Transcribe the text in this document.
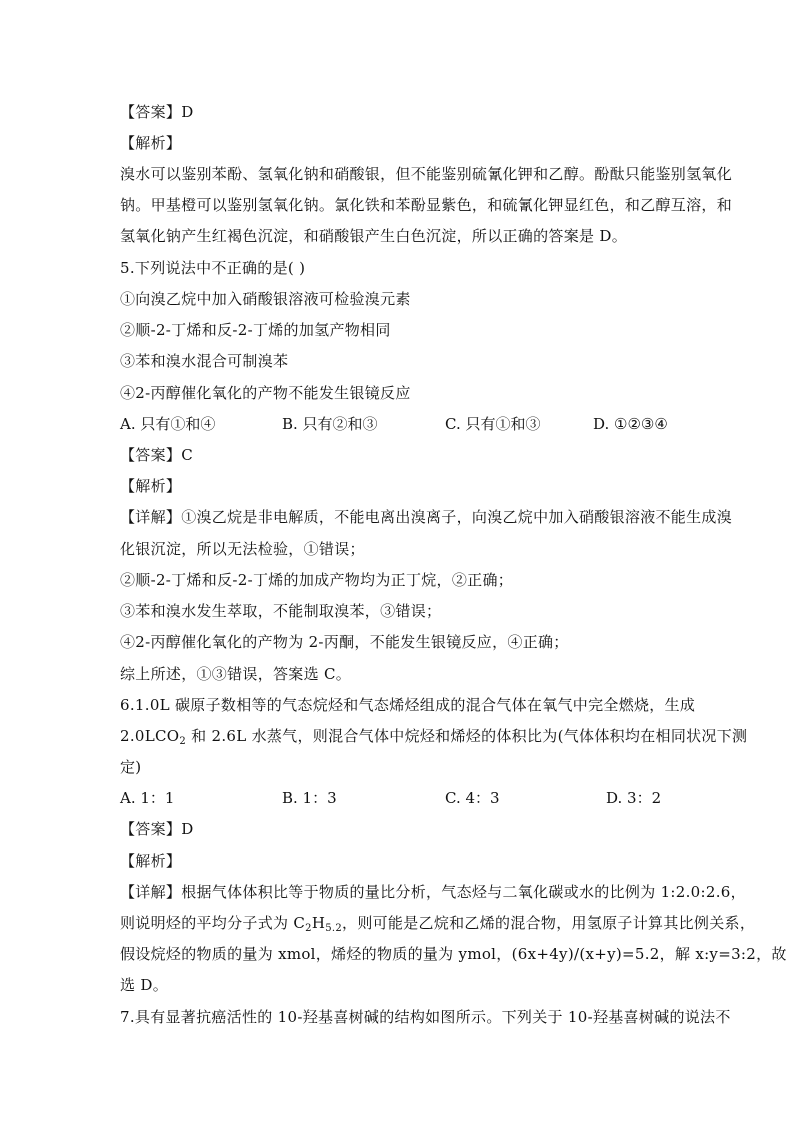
【答案】D
【解析】
溴水可以鉴别苯酚、氢氧化钠和硝酸银，但不能鉴别硫氰化钾和乙醇。酚酞只能鉴别氢氧化
钠。甲基橙可以鉴别氢氧化钠。氯化铁和苯酚显紫色，和硫氰化钾显红色，和乙醇互溶，和
氢氧化钠产生红褐色沉淀，和硝酸银产生白色沉淀，所以正确的答案是 D。
5.下列说法中不正确的是( )
①向溴乙烷中加入硝酸银溶液可检验溴元素
②顺-2-丁烯和反-2-丁烯的加氢产物相同
③苯和溴水混合可制溴苯
④2-丙醇催化氧化的产物不能发生银镜反应
A. 只有①和④	B. 只有②和③	C. 只有①和③	D. ①②③④
【答案】C
【解析】
【详解】①溴乙烷是非电解质，不能电离出溴离子，向溴乙烷中加入硝酸银溶液不能生成溴
化银沉淀，所以无法检验，①错误；
②顺-2-丁烯和反-2-丁烯的加成产物均为正丁烷，②正确；
③苯和溴水发生萃取，不能制取溴苯，③错误；
④2-丙醇催化氧化的产物为 2-丙酮，不能发生银镜反应，④正确；
综上所述，①③错误，答案选 C。
6.1.0L 碳原子数相等的气态烷烃和气态烯烃组成的混合气体在氧气中完全燃烧，生成
$2.0LCO_2$ 和 2.6L 水蒸气，则混合气体中烷烃和烯烃的体积比为(气体体积均在相同状况下测
定)
A. 1：1	B. 1：3	C. 4：3	D. 3：2
【答案】D
【解析】
【详解】根据气体体积比等于物质的量比分析，气态烃与二氧化碳或水的比例为 1:2.0:2.6，
则说明烃的平均分子式为 $C_2H_{5.2}$，则可能是乙烷和乙烯的混合物，用氢原子计算其比例关系，
假设烷烃的物质的量为 xmol，烯烃的物质的量为 ymol，(6x+4y)/(x+y)=5.2，解 x:y=3:2，故
选 D。
7.具有显著抗癌活性的 10-羟基喜树碱的结构如图所示。下列关于 10-羟基喜树碱的说法不
